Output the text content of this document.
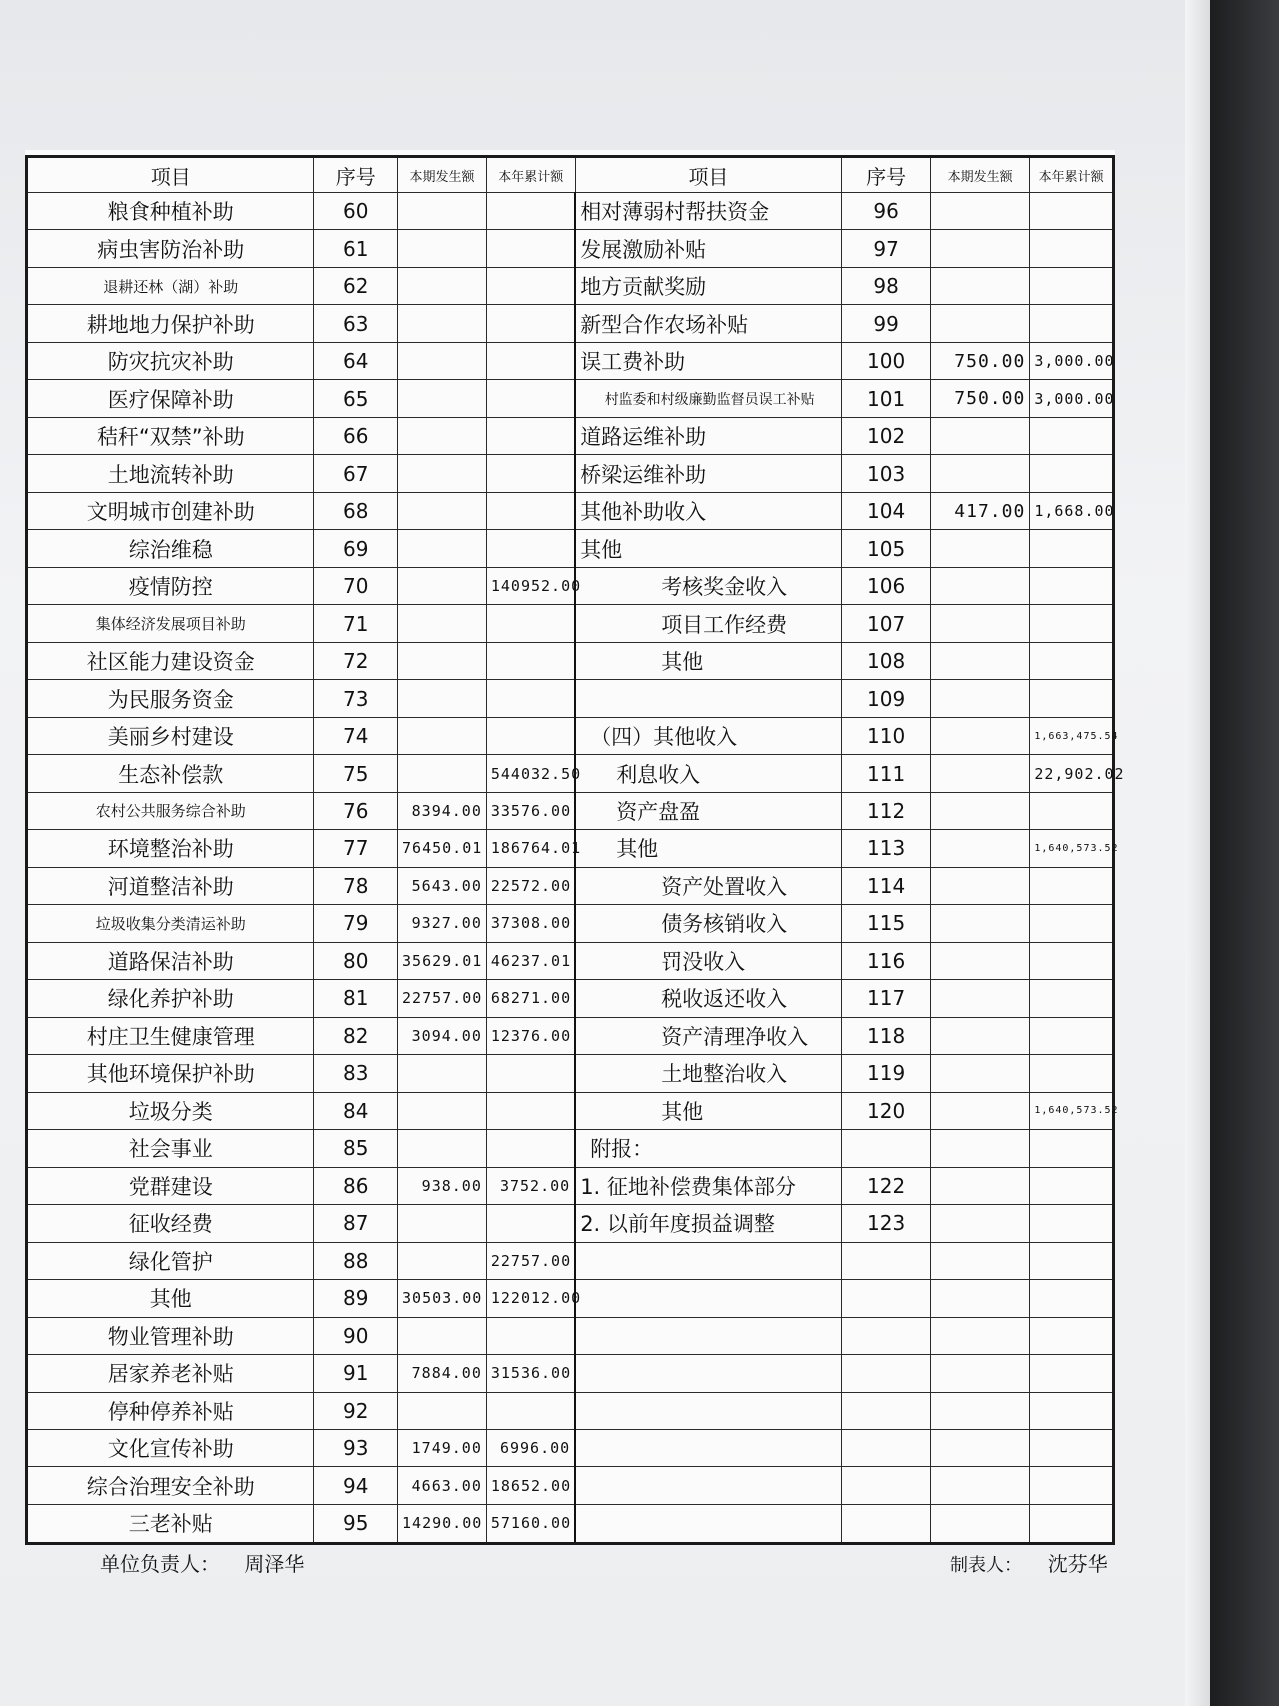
项目	序号	本期发生额	本年累计额	项目	序号	本期发生额	本年累计额
粮食种植补助	60			相对薄弱村帮扶资金	96		
病虫害防治补助	61			发展激励补贴	97		
退耕还林（湖）补助	62			地方贡献奖励	98		
耕地地力保护补助	63			新型合作农场补贴	99		
防灾抗灾补助	64			误工费补助	100	750.00	3,000.00
医疗保障补助	65			村监委和村级廉勤监督员误工补贴	101	750.00	3,000.00
秸秆“双禁”补助	66			道路运维补助	102		
土地流转补助	67			桥梁运维补助	103		
文明城市创建补助	68			其他补助收入	104	417.00	1,668.00
综治维稳	69			其他	105		
疫情防控	70		140952.00	考核奖金收入	106		
集体经济发展项目补助	71			项目工作经费	107		
社区能力建设资金	72			其他	108		
为民服务资金	73				109		
美丽乡村建设	74			（四）其他收入	110		1,663,475.54
生态补偿款	75		544032.50	利息收入	111		22,902.02
农村公共服务综合补助	76	8394.00	33576.00	资产盘盈	112		
环境整治补助	77	76450.01	186764.01	其他	113		1,640,573.52
河道整洁补助	78	5643.00	22572.00	资产处置收入	114		
垃圾收集分类清运补助	79	9327.00	37308.00	债务核销收入	115		
道路保洁补助	80	35629.01	46237.01	罚没收入	116		
绿化养护补助	81	22757.00	68271.00	税收返还收入	117		
村庄卫生健康管理	82	3094.00	12376.00	资产清理净收入	118		
其他环境保护补助	83			土地整治收入	119		
垃圾分类	84			其他	120		1,640,573.52
社会事业	85			附报：			
党群建设	86	938.00	3752.00	1. 征地补偿费集体部分	122		
征收经费	87			2. 以前年度损益调整	123		
绿化管护	88		22757.00				
其他	89	30503.00	122012.00				
物业管理补助	90						
居家养老补贴	91	7884.00	31536.00				
停种停养补贴	92						
文化宣传补助	93	1749.00	6996.00				
综合治理安全补助	94	4663.00	18652.00				
三老补贴	95	14290.00	57160.00				
单位负责人： 周泽华	制表人： 沈芬华
